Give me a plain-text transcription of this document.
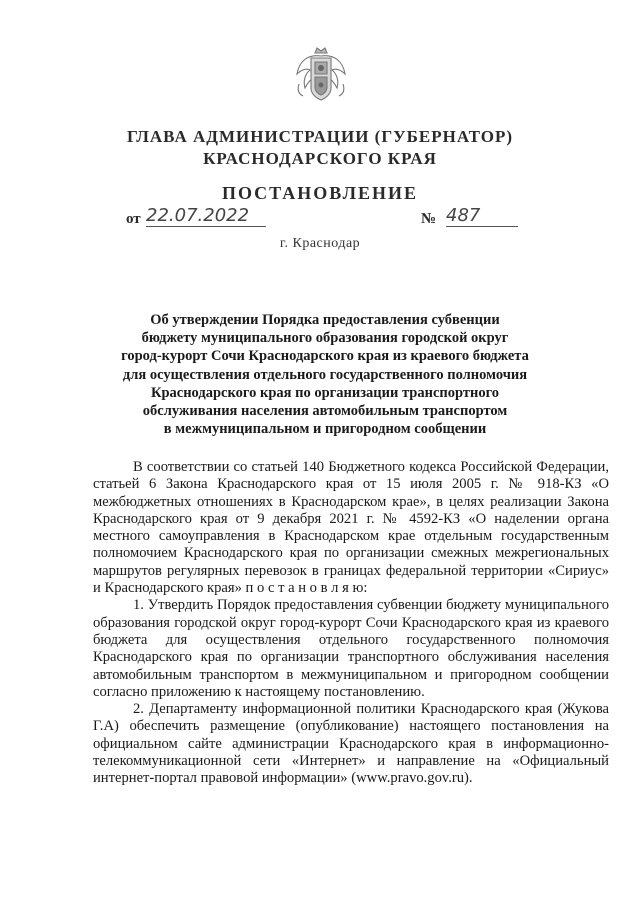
ГЛАВА АДМИНИСТРАЦИИ (ГУБЕРНАТОР)
КРАСНОДАРСКОГО КРАЯ
ПОСТАНОВЛЕНИЕ
от 22.07.2022	№ 487
г. Краснодар
Об утверждении Порядка предоставления субвенции
бюджету муниципального образования городской округ
город-курорт Сочи Краснодарского края из краевого бюджета
для осуществления отдельного государственного полномочия
Краснодарского края по организации транспортного
обслуживания населения автомобильным транспортом
в межмуниципальном и пригородном сообщении

В соответствии со статьей 140 Бюджетного кодекса Российской Федерации, статьей 6 Закона Краснодарского края от 15 июля 2005 г. № 918-КЗ «О межбюджетных отношениях в Краснодарском крае», в целях реализации Закона Краснодарского края от 9 декабря 2021 г. № 4592-КЗ «О наделении органа местного самоуправления в Краснодарском крае отдельным государственным полномочием Краснодарского края по организации смежных межрегиональных маршрутов регулярных перевозок в границах федеральной территории «Сириус» и Краснодарского края» п о с т а н о в л я ю:

1. Утвердить Порядок предоставления субвенции бюджету муниципального образования городской округ город-курорт Сочи Краснодарского края из краевого бюджета для осуществления отдельного государственного полномочия Краснодарского края по организации транспортного обслуживания населения автомобильным транспортом в межмуниципальном и пригородном сообщении согласно приложению к настоящему постановлению.

2. Департаменту информационной политики Краснодарского края (Жукова Г.А) обеспечить размещение (опубликование) настоящего постановления на официальном сайте администрации Краснодарского края в информационно-телекоммуникационной сети «Интернет» и направление на «Официальный интернет-портал правовой информации» (www.pravo.gov.ru).
